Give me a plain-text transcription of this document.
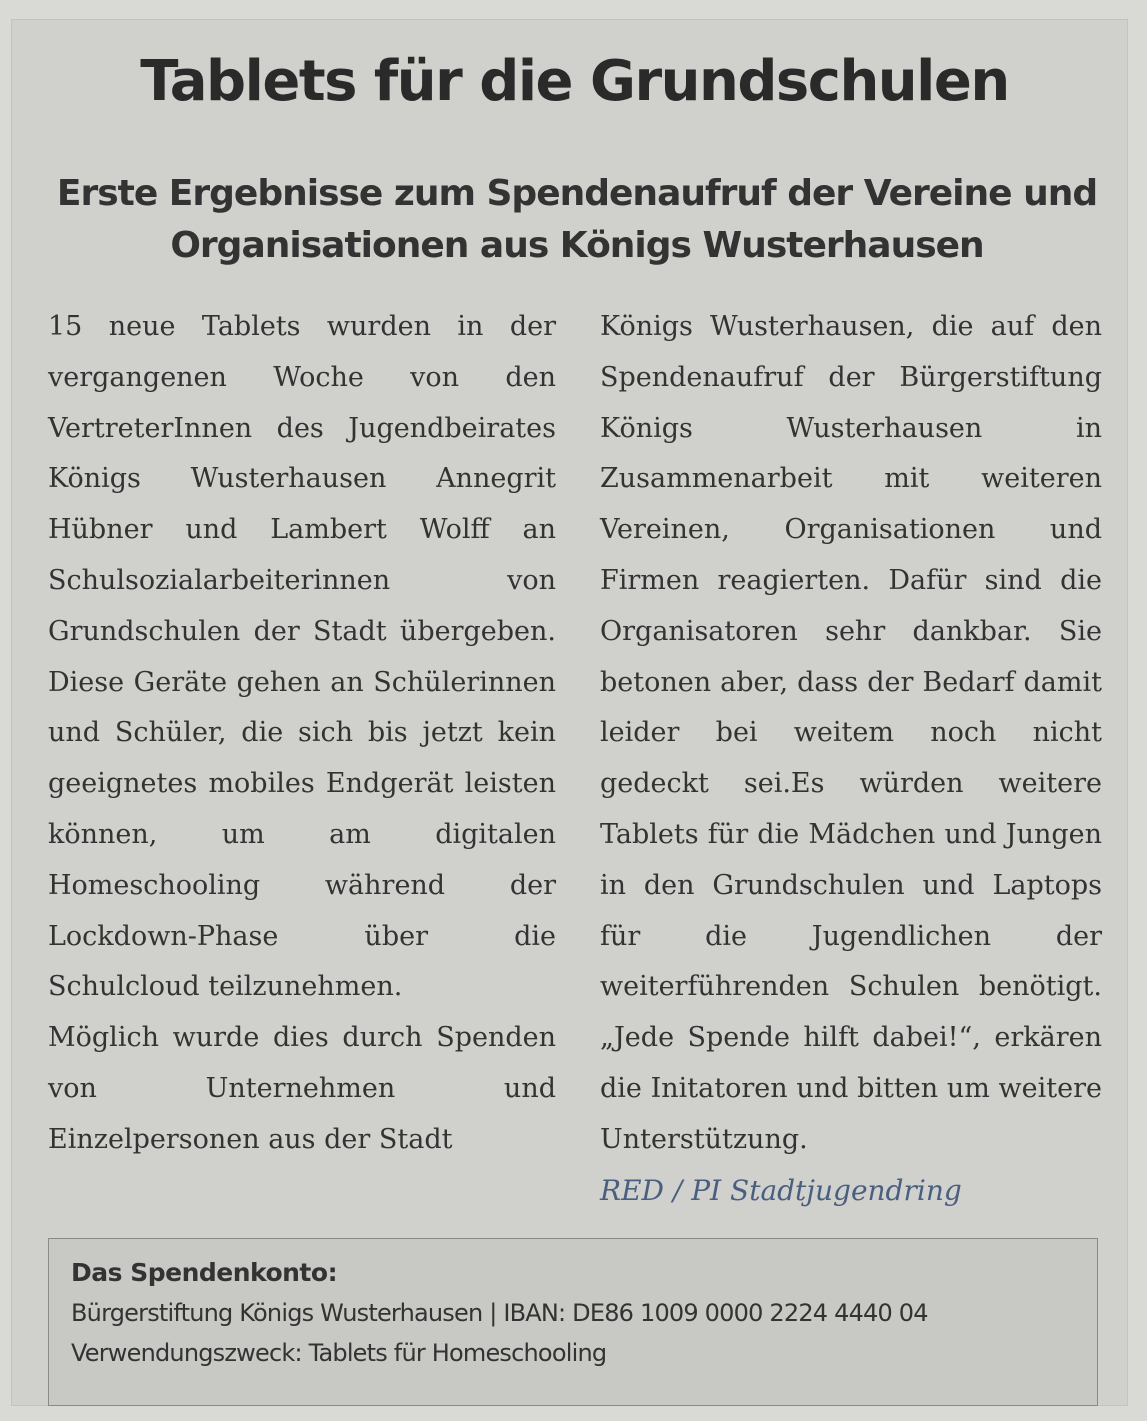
Tablets für die Grundschulen
Erste Ergebnisse zum Spendenaufruf der Vereine und Organisationen aus Königs Wusterhausen

15 neue Tablets wurden in der vergangenen Woche von den VertreterInnen des Jugendbeirates Königs Wusterhausen Annegrit Hübner und Lambert Wolff an Schulsozialarbeiterinnen von Grundschulen der Stadt übergeben. Diese Geräte gehen an Schülerinnen und Schüler, die sich bis jetzt kein geeignetes mobiles Endgerät leisten können, um am digitalen Homeschooling während der Lockdown-Phase über die Schulcloud teilzunehmen.

Möglich wurde dies durch Spenden von Unternehmen und Einzelpersonen aus der Stadt

Königs Wusterhausen, die auf den Spendenaufruf der Bürgerstiftung Königs Wusterhausen in Zusammenarbeit mit weiteren Vereinen, Organisationen und Firmen reagierten. Dafür sind die Organisatoren sehr dankbar. Sie betonen aber, dass der Bedarf damit leider bei weitem noch nicht gedeckt sei.Es würden weitere Tablets für die Mädchen und Jungen in den Grundschulen und Laptops für die Jugendlichen der weiterführenden Schulen benötigt. „Jede Spende hilft dabei!“, erkären die Initatoren und bitten um weitere Unterstützung.

RED / PI Stadtjugendring

Das Spendenkonto:
Bürgerstiftung Königs Wusterhausen | IBAN: DE86 1009 0000 2224 4440 04
Verwendungszweck: Tablets für Homeschooling
